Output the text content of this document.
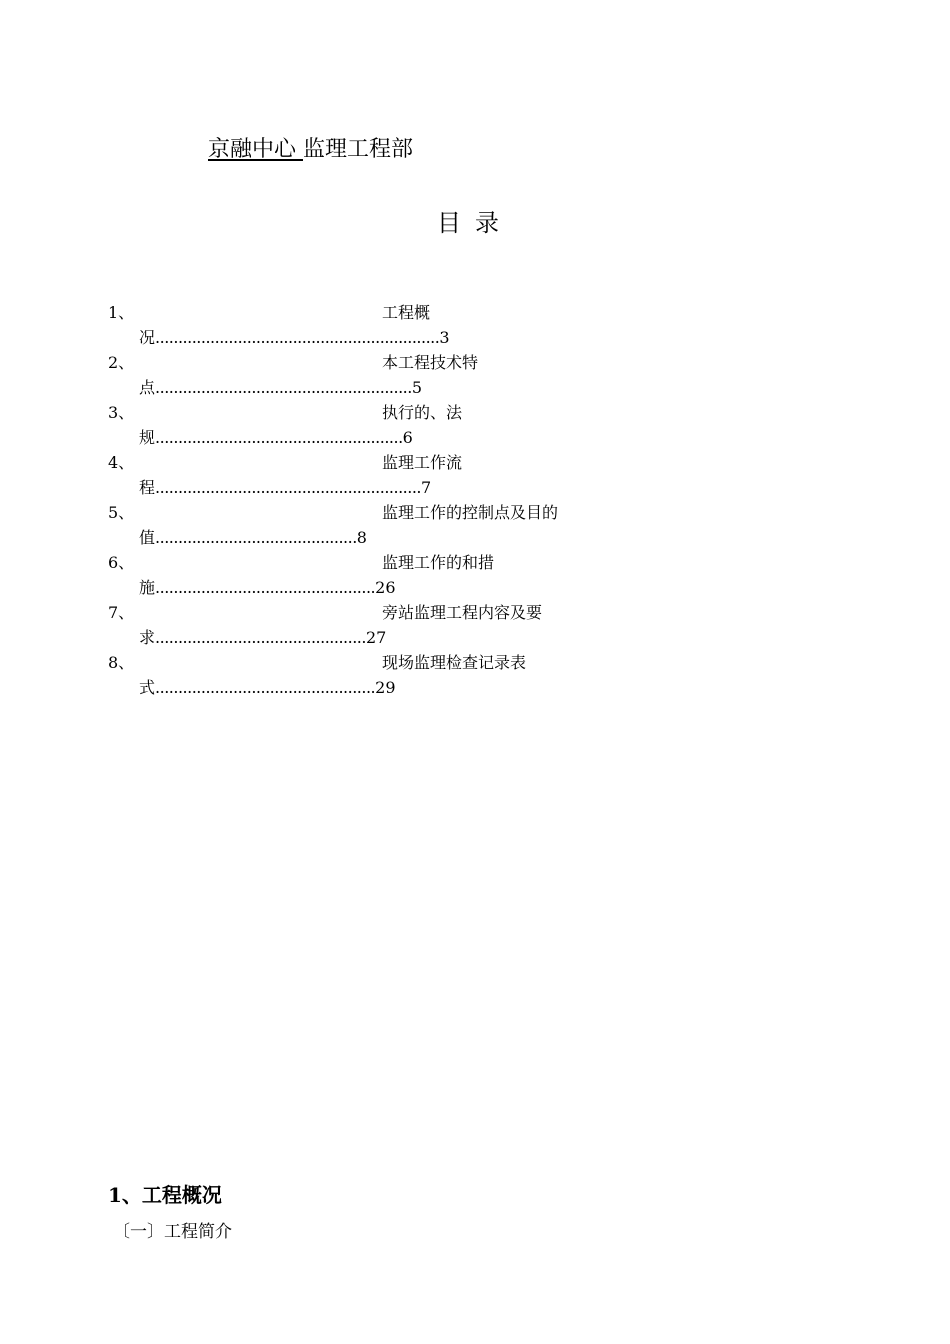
京融中心 监理工程部
目录
1、	工程概
况..............................................................3
2、	本工程技术特
点........................................................5
3、	执行的、法
规......................................................6
4、	监理工作流
程..........................................................7
5、	监理工作的控制点及目的
值............................................8
6、	监理工作的和措
施................................................26
7、	旁站监理工程内容及要
求..............................................27
8、	现场监理检查记录表
式................................................29
1、工程概况
〔一〕工程简介
